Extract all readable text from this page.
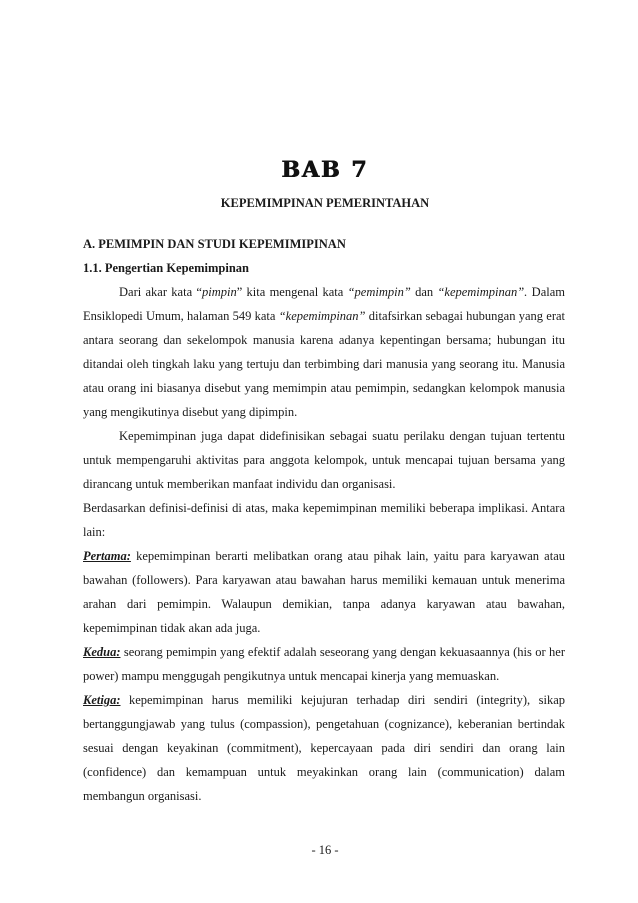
BAB 7
KEPEMIMPINAN PEMERINTAHAN
A. PEMIMPIN DAN STUDI KEPEMIMIPINAN
1.1. Pengertian Kepemimpinan

Dari akar kata “pimpin” kita mengenal kata “pemimpin” dan “kepemimpinan”. Dalam Ensiklopedi Umum, halaman 549 kata “kepemimpinan” ditafsirkan sebagai hubungan yang erat antara seorang dan sekelompok manusia karena adanya kepentingan bersama; hubungan itu ditandai oleh tingkah laku yang tertuju dan terbimbing dari manusia yang seorang itu. Manusia atau orang ini biasanya disebut yang memimpin atau pemimpin, sedangkan kelompok manusia yang mengikutinya disebut yang dipimpin.

Kepemimpinan juga dapat didefinisikan sebagai suatu perilaku dengan tujuan tertentu untuk mempengaruhi aktivitas para anggota kelompok, untuk mencapai tujuan bersama yang dirancang untuk memberikan manfaat individu dan organisasi.

Berdasarkan definisi-definisi di atas, maka kepemimpinan memiliki beberapa implikasi. Antara lain:

Pertama: kepemimpinan berarti melibatkan orang atau pihak lain, yaitu para karyawan atau bawahan (followers). Para karyawan atau bawahan harus memiliki kemauan untuk menerima arahan dari pemimpin. Walaupun demikian, tanpa adanya karyawan atau bawahan, kepemimpinan tidak akan ada juga.

Kedua: seorang pemimpin yang efektif adalah seseorang yang dengan kekuasaannya (his or her power) mampu menggugah pengikutnya untuk mencapai kinerja yang memuaskan.

Ketiga: kepemimpinan harus memiliki kejujuran terhadap diri sendiri (integrity), sikap bertanggungjawab yang tulus (compassion), pengetahuan (cognizance), keberanian bertindak sesuai dengan keyakinan (commitment), kepercayaan pada diri sendiri dan orang lain (confidence) dan kemampuan untuk meyakinkan orang lain (communication) dalam membangun organisasi.

- 16 -
